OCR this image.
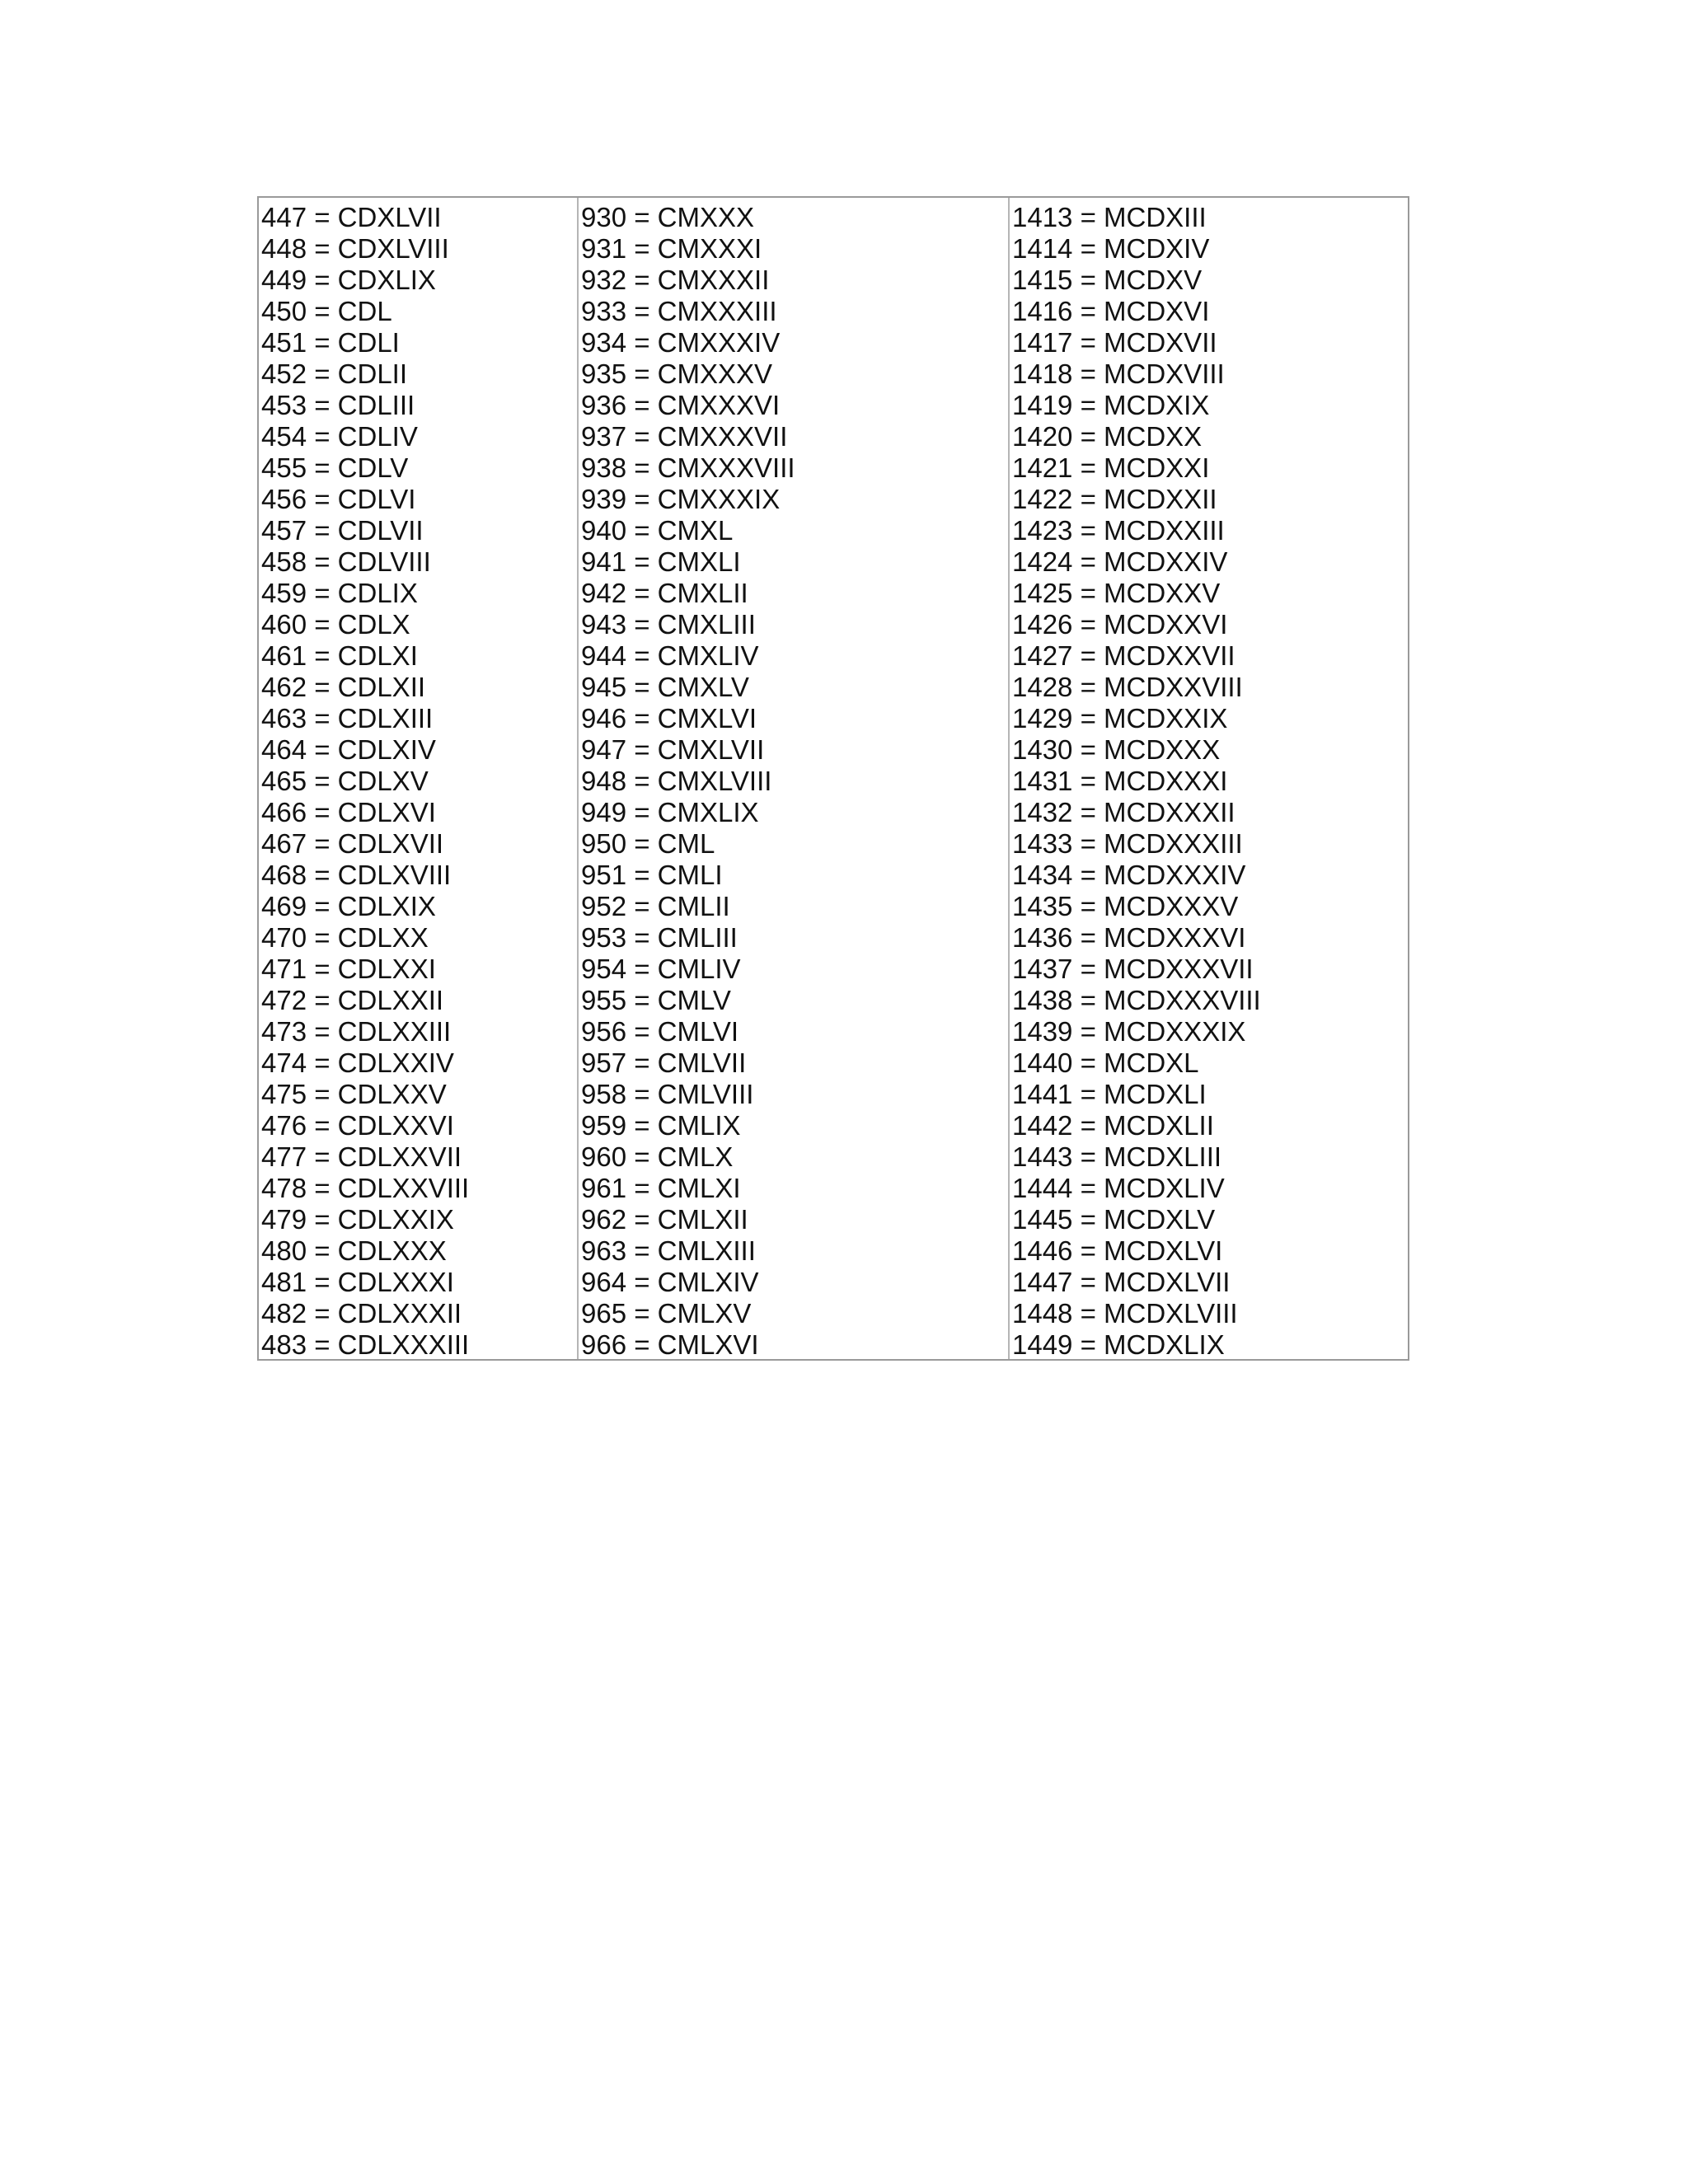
447 = CDXLVII
448 = CDXLVIII
449 = CDXLIX
450 = CDL
451 = CDLI
452 = CDLII
453 = CDLIII
454 = CDLIV
455 = CDLV
456 = CDLVI
457 = CDLVII
458 = CDLVIII
459 = CDLIX
460 = CDLX
461 = CDLXI
462 = CDLXII
463 = CDLXIII
464 = CDLXIV
465 = CDLXV
466 = CDLXVI
467 = CDLXVII
468 = CDLXVIII
469 = CDLXIX
470 = CDLXX
471 = CDLXXI
472 = CDLXXII
473 = CDLXXIII
474 = CDLXXIV
475 = CDLXXV
476 = CDLXXVI
477 = CDLXXVII
478 = CDLXXVIII
479 = CDLXXIX
480 = CDLXXX
481 = CDLXXXI
482 = CDLXXXII
483 = CDLXXXIII
930 = CMXXX
931 = CMXXXI
932 = CMXXXII
933 = CMXXXIII
934 = CMXXXIV
935 = CMXXXV
936 = CMXXXVI
937 = CMXXXVII
938 = CMXXXVIII
939 = CMXXXIX
940 = CMXL
941 = CMXLI
942 = CMXLII
943 = CMXLIII
944 = CMXLIV
945 = CMXLV
946 = CMXLVI
947 = CMXLVII
948 = CMXLVIII
949 = CMXLIX
950 = CML
951 = CMLI
952 = CMLII
953 = CMLIII
954 = CMLIV
955 = CMLV
956 = CMLVI
957 = CMLVII
958 = CMLVIII
959 = CMLIX
960 = CMLX
961 = CMLXI
962 = CMLXII
963 = CMLXIII
964 = CMLXIV
965 = CMLXV
966 = CMLXVI
1413 = MCDXIII
1414 = MCDXIV
1415 = MCDXV
1416 = MCDXVI
1417 = MCDXVII
1418 = MCDXVIII
1419 = MCDXIX
1420 = MCDXX
1421 = MCDXXI
1422 = MCDXXII
1423 = MCDXXIII
1424 = MCDXXIV
1425 = MCDXXV
1426 = MCDXXVI
1427 = MCDXXVII
1428 = MCDXXVIII
1429 = MCDXXIX
1430 = MCDXXX
1431 = MCDXXXI
1432 = MCDXXXII
1433 = MCDXXXIII
1434 = MCDXXXIV
1435 = MCDXXXV
1436 = MCDXXXVI
1437 = MCDXXXVII
1438 = MCDXXXVIII
1439 = MCDXXXIX
1440 = MCDXL
1441 = MCDXLI
1442 = MCDXLII
1443 = MCDXLIII
1444 = MCDXLIV
1445 = MCDXLV
1446 = MCDXLVI
1447 = MCDXLVII
1448 = MCDXLVIII
1449 = MCDXLIX
